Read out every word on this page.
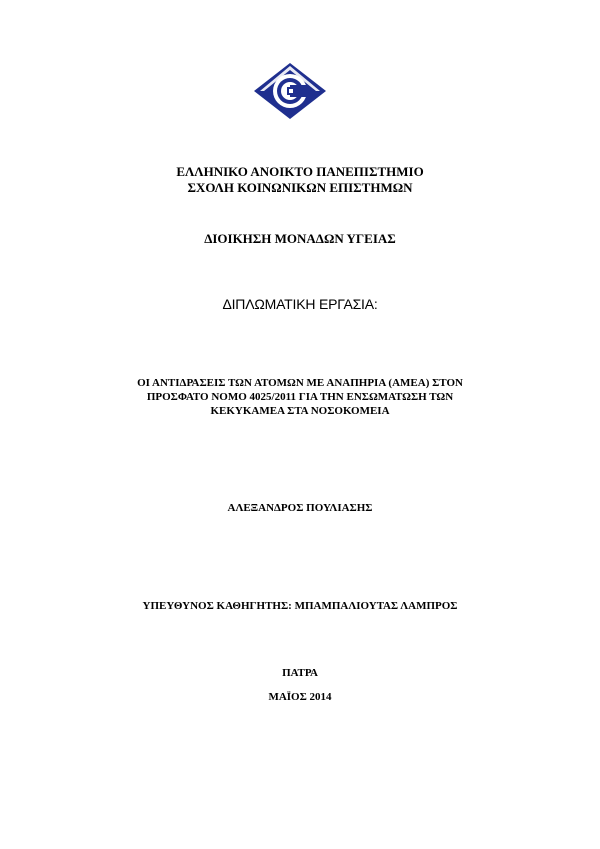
ΕΛΛΗΝΙΚΟ ΑΝΟΙΚΤΟ ΠΑΝΕΠΙΣΤΗΜΙΟ
ΣΧΟΛΗ ΚΟΙΝΩΝΙΚΩΝ ΕΠΙΣΤΗΜΩΝ
ΔΙΟΙΚΗΣΗ ΜΟΝΑΔΩΝ ΥΓΕΙΑΣ
ΔΙΠΛΩΜΑΤΙΚΗ ΕΡΓΑΣΙΑ:
ΟΙ ΑΝΤΙΔΡΑΣΕΙΣ ΤΩΝ ΑΤΟΜΩΝ ΜΕ ΑΝΑΠΗΡΙΑ (ΑΜΕΑ) ΣΤΟΝ
ΠΡΟΣΦΑΤΟ ΝΟΜΟ 4025/2011 ΓΙΑ ΤΗΝ ΕΝΣΩΜΑΤΩΣΗ ΤΩΝ
ΚΕΚΥΚΑΜΕΑ ΣΤΑ ΝΟΣΟΚΟΜΕΙΑ
ΑΛΕΞΑΝΔΡΟΣ ΠΟΥΛΙΑΣΗΣ
ΥΠΕΥΘΥΝΟΣ ΚΑΘΗΓΗΤΗΣ: ΜΠΑΜΠΑΛΙΟΥΤΑΣ ΛΑΜΠΡΟΣ
ΠΑΤΡΑ
ΜΑΪΟΣ 2014
